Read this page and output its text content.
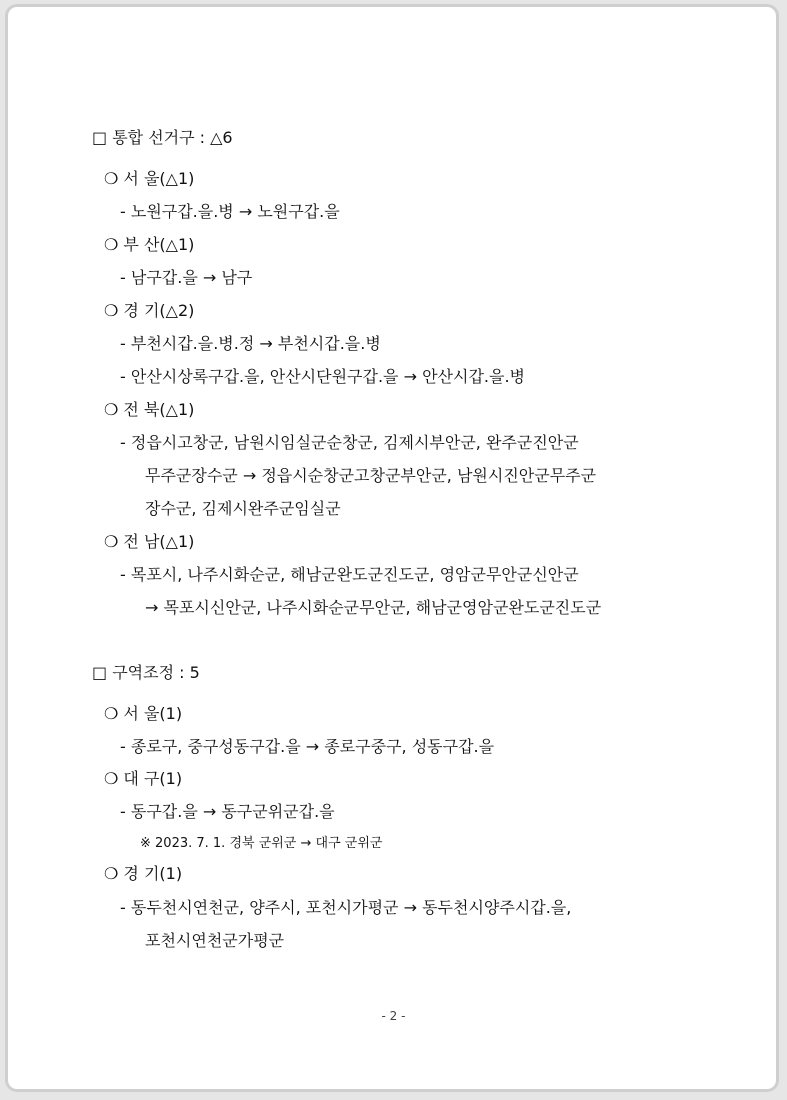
□ 통합 선거구 : △6
❍ 서 울(△1)
- 노원구갑.을.병 → 노원구갑.을
❍ 부 산(△1)
- 남구갑.을 → 남구
❍ 경 기(△2)
- 부천시갑.을.병.정 → 부천시갑.을.병
- 안산시상록구갑.을, 안산시단원구갑.을 → 안산시갑.을.병
❍ 전 북(△1)
- 정읍시고창군, 남원시임실군순창군, 김제시부안군, 완주군진안군
무주군장수군 → 정읍시순창군고창군부안군, 남원시진안군무주군
장수군, 김제시완주군임실군
❍ 전 남(△1)
- 목포시, 나주시화순군, 해남군완도군진도군, 영암군무안군신안군
→ 목포시신안군, 나주시화순군무안군, 해남군영암군완도군진도군
□ 구역조정 : 5
❍ 서 울(1)
- 종로구, 중구성동구갑.을 → 종로구중구, 성동구갑.을
❍ 대 구(1)
- 동구갑.을 → 동구군위군갑.을
※ 2023. 7. 1. 경북 군위군 → 대구 군위군
❍ 경 기(1)
- 동두천시연천군, 양주시, 포천시가평군 → 동두천시양주시갑.을,
포천시연천군가평군
- 2 -
